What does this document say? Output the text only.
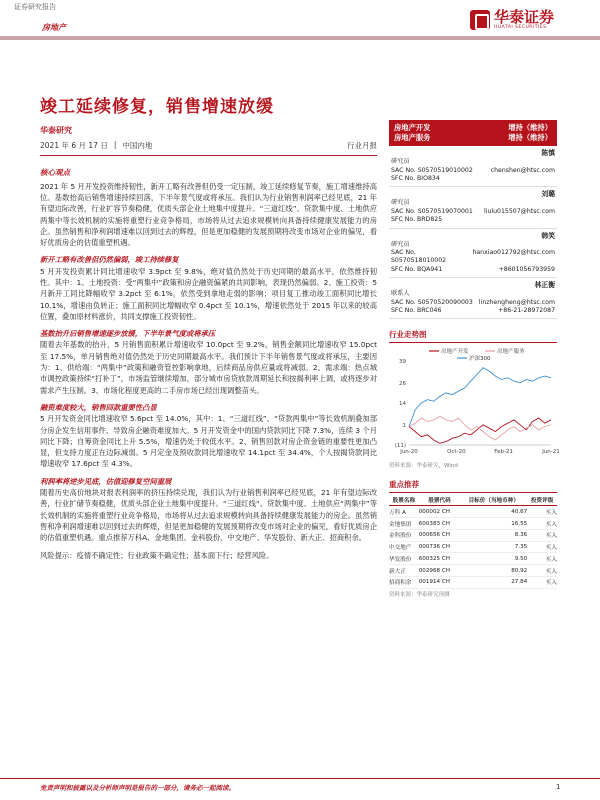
证券研究报告
房地产
华泰证券
HUATAI SECURITIES
竣工延续修复，销售增速放缓
华泰研究
2021 年 6 月 17 日 | 中国内地	行业月报
核心观点
2021 年 5 月开发投资维持韧性，新开工略有改善但仍受一定压制，竣工延续修复节奏，施工增速维持高位。基数抬高后销售增速持续回落，下半年景气度或将承压。我们认为行业销售利润率已经见底，21 年有望边际改善，行业扩容节奏稳健，优质头部企业土地集中度提升。“三道红线”、贷款集中度、土地供应两集中等长效机制的实施将重塑行业竞争格局，市场将从过去追求规模转向具备持续健康发展能力的房企。虽然销售和净利润增速难以回到过去的辉煌，但是更加稳健的发展预期将改变市场对企业的偏见，看好优质房企的估值重塑机遇。
新开工略有改善但仍然偏弱，竣工持续修复
5 月开发投资累计同比增速收窄 3.9pct 至 9.8%，绝对值仍然处于历史同期的最高水平，依然维持韧性。其中：1、土地投资：受“两集中”政策和房企融资偏紧的共同影响，表现仍然偏弱。2、施工投资：5 月新开工同比降幅收窄 3.2pct 至 6.1%，依然受到拿地走弱的影响；项目复工推动竣工面积同比增长 10.1%，增速由负转正；施工面积同比增幅收窄 0.4pct 至 10.1%，增速依然处于 2015 年以来的较高位置，叠加原材料涨价，共同支撑施工投资韧性。
基数抬升后销售增速逐步放缓，下半年景气度或将承压
随着去年基数的抬升，5 月销售面积累计增速收窄 10.0pct 至 9.2%，销售金额同比增速收窄 15.0pct 至 17.5%，单月销售绝对值仍然处于历史同期最高水平。我们预计下半年销售景气度或将承压，主要因为：1、供给端：“两集中”政策和融资管控影响拿地，后续商品房供应量或将减弱。2、需求端：热点城市调控政策持续“打补丁”，市场监管继续增加，部分城市房贷放款周期延长和按揭利率上调，或将逐步对需求产生压制。3、市场化程度更高的二手房市场已经出现调整苗头。
融资难度较大，销售回款重要性凸显
5 月开发资金同比增速收窄 5.6pct 至 14.0%，其中：1、“三道红线”、“贷款两集中”等长效机制叠加部分房企发生信用事件，导致房企融资难度加大。5 月开发资金中的国内贷款同比下降 7.3%，连续 3 个月同比下降；自筹资金同比上升 5.5%，增速仍处于较低水平。2、销售回款对房企资金链的重要性更加凸显，但支持力度正在边际减弱。5 月定金及预收款同比增速收窄 14.1pct 至 34.4%，个人按揭贷款同比增速收窄 17.6pct 至 4.3%。
利润率将逆步见底，估值迎修复空间重展
随着历史高价地块对报表利润率的挤压持续兑现，我们认为行业销售利润率已经见底，21 年有望边际改善，行业扩储节奏稳健，优质头部企业土地集中度提升。“三道红线”、贷款集中度、土地供应“两集中”等长效机制的实施将重塑行业竞争格局，市场将从过去追求规模转向具备持续健康发展能力的房企。虽然销售和净利润增速难以回到过去的辉煌，但是更加稳健的发展预期将改变市场对企业的偏见，看好优质房企的估值重塑机遇。重点推荐万科A、金地集团、金科股份、中交地产、华发股份、新大正、招商积余。
风险提示：疫情不确定性；行业政策不确定性；基本面下行；经营风险。
房地产开发	增持（维持）
房地产服务	增持（维持）
陈慎
研究员
SAC No. S0570519010002	chenshen@htsc.com
SFC No. BIO834
刘璐
研究员
SAC No. S0570519070001 liulu015507@htsc.com
SFC No. BRD825
韩笑
研究员
SAC No. S0570518010002
hanxiao012792@htsc.com
SFC No. BQA941	+8601056793959
林正衡
联系人
SAC No. S0570520090003 linzhengheng@htsc.com
SFC No. BRC046	+86-21-28972087
行业走势图
39
26
14
1
(11)
Jun-20	Oct-20	Feb-21	Jun-21
房地产开发	房地产服务
沪深300
资料来源：华泰研究，Wind
重点推荐
股票名称	股票代码	目标价（当地币种）	投资评级
万科 A	000002 CH	40.67	买入
金地集团	600383 CH	16.55	买入
金科股份	000656 CH	8.36	买入
中交地产	000736 CH	7.35	买入
华发股份	600325 CH	9.50	买入
新大正	002968 CH	80.92	买入
招商积余	001914 CH	27.84	买入
资料来源：华泰研究预测
免责声明和披露以及分析师声明是报告的一部分，请务必一起阅读。	1
